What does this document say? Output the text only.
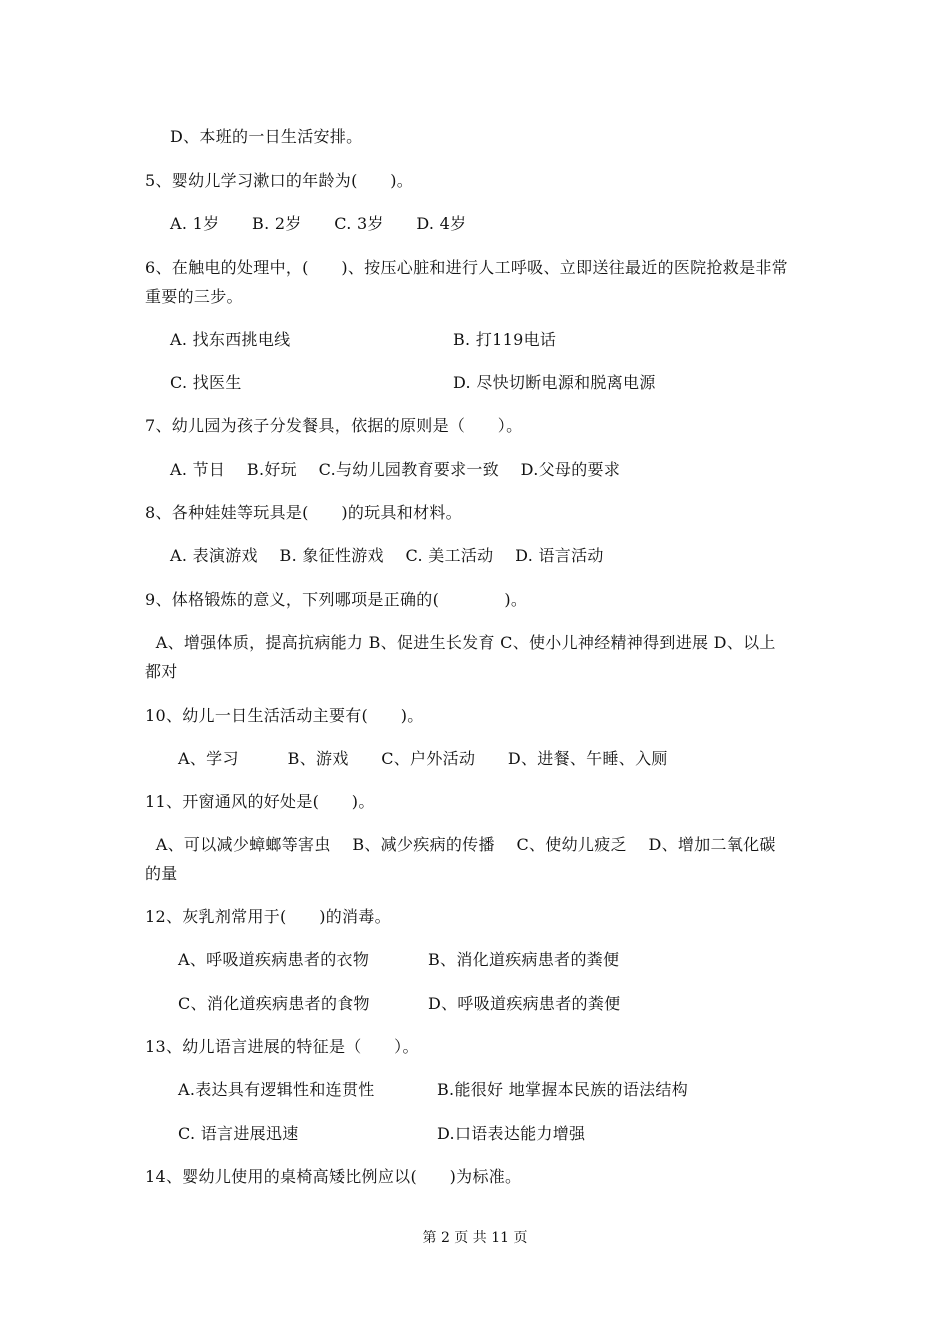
D、本班的一日生活安排。
5、婴幼儿学习漱口的年龄为(　　)。
A. 1岁　　B. 2岁　　C. 3岁　　D. 4岁
6、在触电的处理中，(　　)、按压心脏和进行人工呼吸、立即送往最近的医院抢救是非常
重要的三步。
A. 找东西挑电线	B. 打119电话
C. 找医生	D. 尽快切断电源和脱离电源
7、幼儿园为孩子分发餐具，依据的原则是（　　）。
A. 节日　 B.好玩　 C.与幼儿园教育要求一致　 D.父母的要求
8、各种娃娃等玩具是(　　)的玩具和材料。
A. 表演游戏　 B. 象征性游戏　 C. 美工活动　 D. 语言活动
9、体格锻炼的意义，下列哪项是正确的(　　　　)。
A、增强体质，提高抗病能力 B、促进生长发育 C、使小儿神经精神得到进展 D、以上
都对
10、幼儿一日生活活动主要有(　　)。
A、学习　　　B、游戏　　C、户外活动　　D、进餐、午睡、入厕
11、开窗通风的好处是(　　)。
A、可以减少蟑螂等害虫　 B、减少疾病的传播　 C、使幼儿疲乏　 D、增加二氧化碳
的量
12、灰乳剂常用于(　　)的消毒。
A、呼吸道疾病患者的衣物	B、消化道疾病患者的粪便
C、消化道疾病患者的食物	D、呼吸道疾病患者的粪便
13、幼儿语言进展的特征是（　　）。
A.表达具有逻辑性和连贯性	B.能很好 地掌握本民族的语法结构
C. 语言进展迅速	D.口语表达能力增强
14、婴幼儿使用的桌椅高矮比例应以(　　)为标准。
第 2 页 共 11 页
